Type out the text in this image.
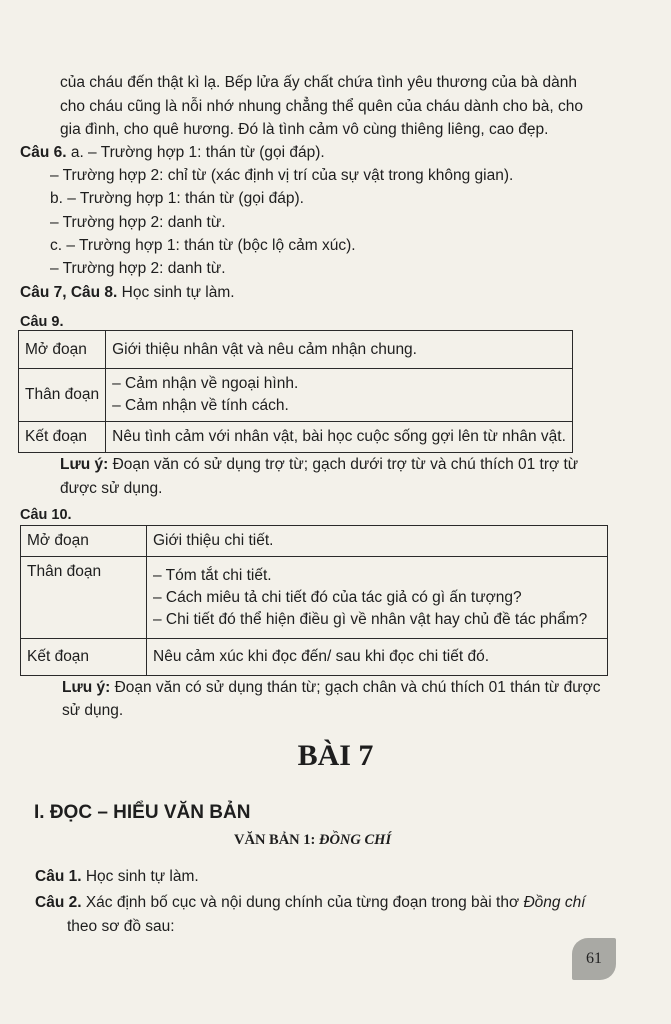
của cháu đến thật kì lạ. Bếp lửa ấy chất chứa tình yêu thương của bà dành
cho cháu cũng là nỗi nhớ nhung chẳng thể quên của cháu dành cho bà, cho
gia đình, cho quê hương. Đó là tình cảm vô cùng thiêng liêng, cao đẹp.
Câu 6. a. – Trường hợp 1: thán từ (gọi đáp).
– Trường hợp 2: chỉ từ (xác định vị trí của sự vật trong không gian).
b. – Trường hợp 1: thán từ (gọi đáp).
– Trường hợp 2: danh từ.
c. – Trường hợp 1: thán từ (bộc lộ cảm xúc).
– Trường hợp 2: danh từ.
Câu 7, Câu 8. Học sinh tự làm.
Câu 9.
Mở đoạn	Giới thiệu nhân vật và nêu cảm nhận chung.
Thân đoạn	– Cảm nhận về ngoại hình.
– Cảm nhận về tính cách.

Kết đoạn	Nêu tình cảm với nhân vật, bài học cuộc sống gợi lên từ nhân vật.
Lưu ý: Đoạn văn có sử dụng trợ từ; gạch dưới trợ từ và chú thích 01 trợ từ
được sử dụng.
Câu 10.
Mở đoạn	Giới thiệu chi tiết.
Thân đoạn	– Tóm tắt chi tiết.
– Cách miêu tả chi tiết đó của tác giả có gì ấn tượng?
– Chi tiết đó thể hiện điều gì về nhân vật hay chủ đề tác phẩm?

Kết đoạn	Nêu cảm xúc khi đọc đến/ sau khi đọc chi tiết đó.
Lưu ý: Đoạn văn có sử dụng thán từ; gạch chân và chú thích 01 thán từ được
sử dụng.
BÀI 7
I. ĐỌC – HIỂU VĂN BẢN
VĂN BẢN 1: ĐỒNG CHÍ
Câu 1. Học sinh tự làm.
Câu 2. Xác định bố cục và nội dung chính của từng đoạn trong bài thơ Đồng chí
theo sơ đồ sau:
61
